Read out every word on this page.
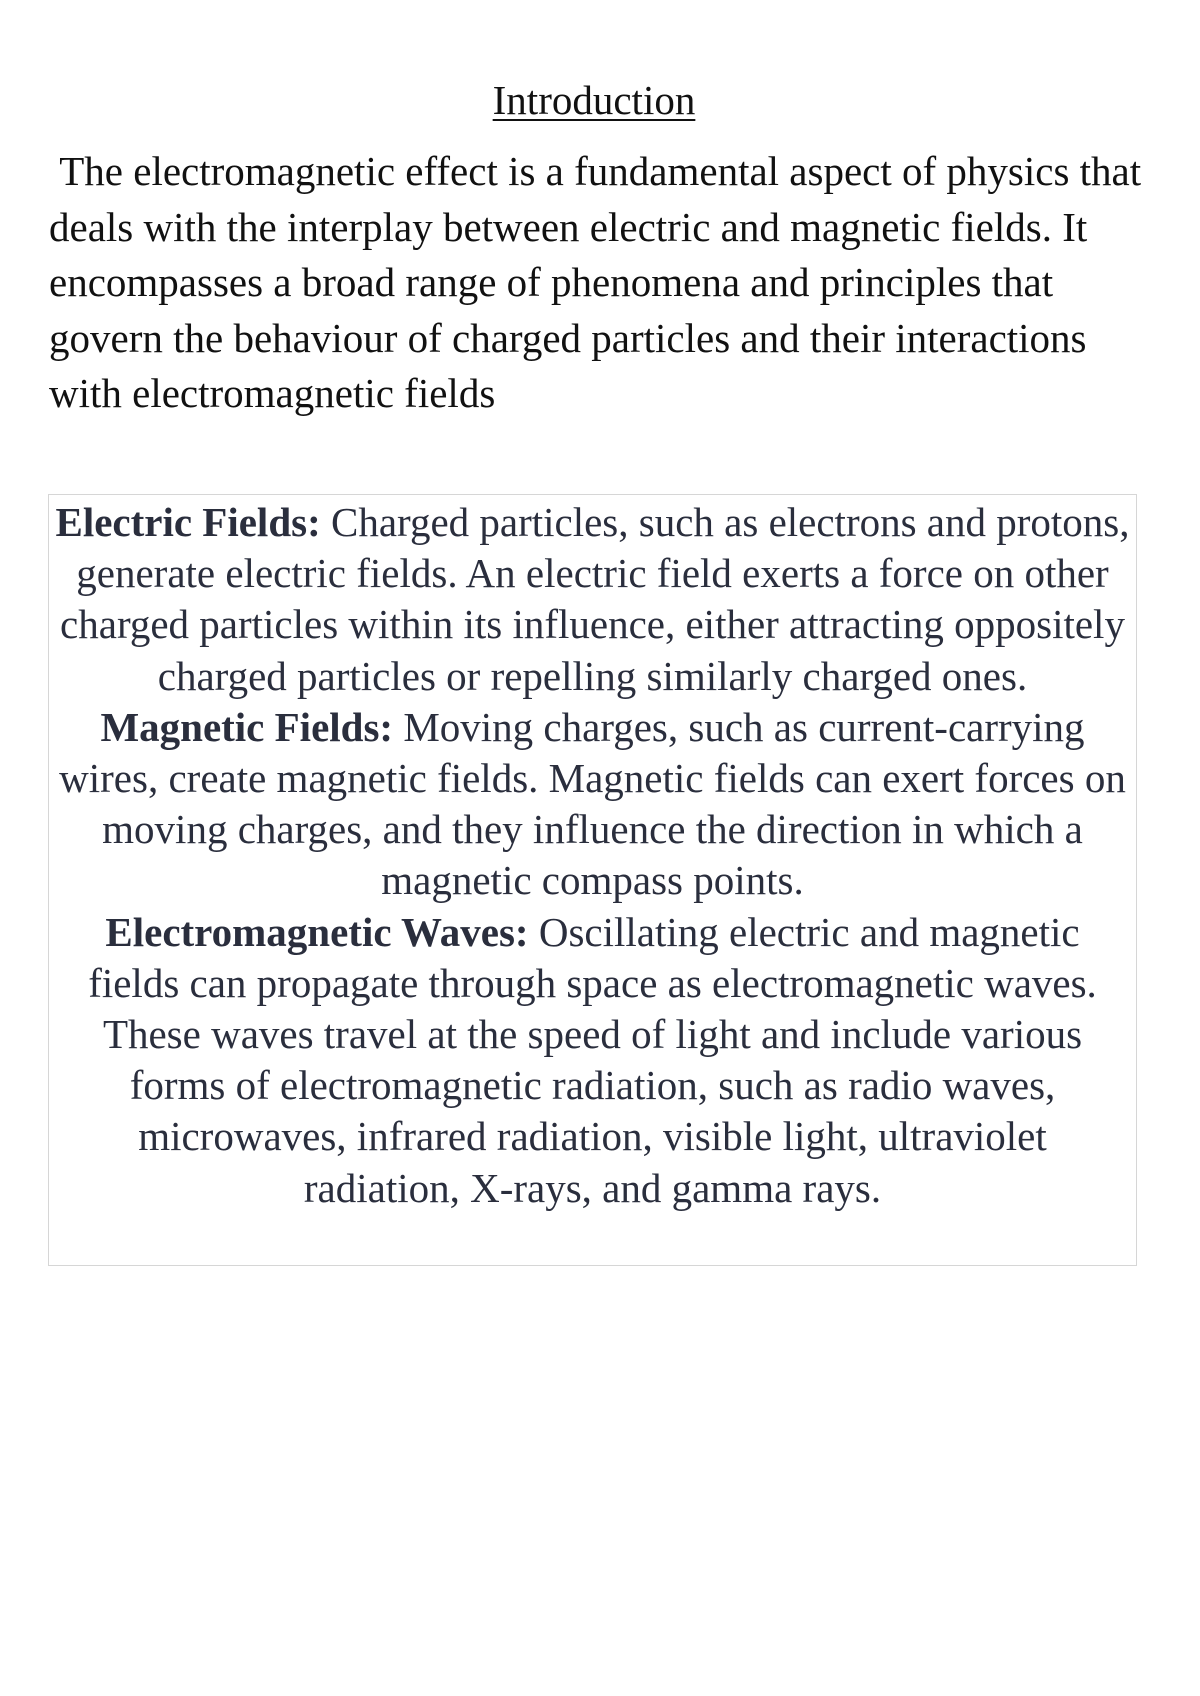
Introduction

The electromagnetic effect is a fundamental aspect of physics that deals with the interplay between electric and magnetic fields. It encompasses a broad range of phenomena and principles that govern the behaviour of charged particles and their interactions with electromagnetic fields

Electric Fields: Charged particles, such as electrons and protons, generate electric fields. An electric field exerts a force on other charged particles within its influence, either attracting oppositely charged particles or repelling similarly charged ones.

Magnetic Fields: Moving charges, such as current-carrying wires, create magnetic fields. Magnetic fields can exert forces on moving charges, and they influence the direction in which a magnetic compass points.

Electromagnetic Waves: Oscillating electric and magnetic fields can propagate through space as electromagnetic waves. These waves travel at the speed of light and include various forms of electromagnetic radiation, such as radio waves, microwaves, infrared radiation, visible light, ultraviolet radiation, X-rays, and gamma rays.
